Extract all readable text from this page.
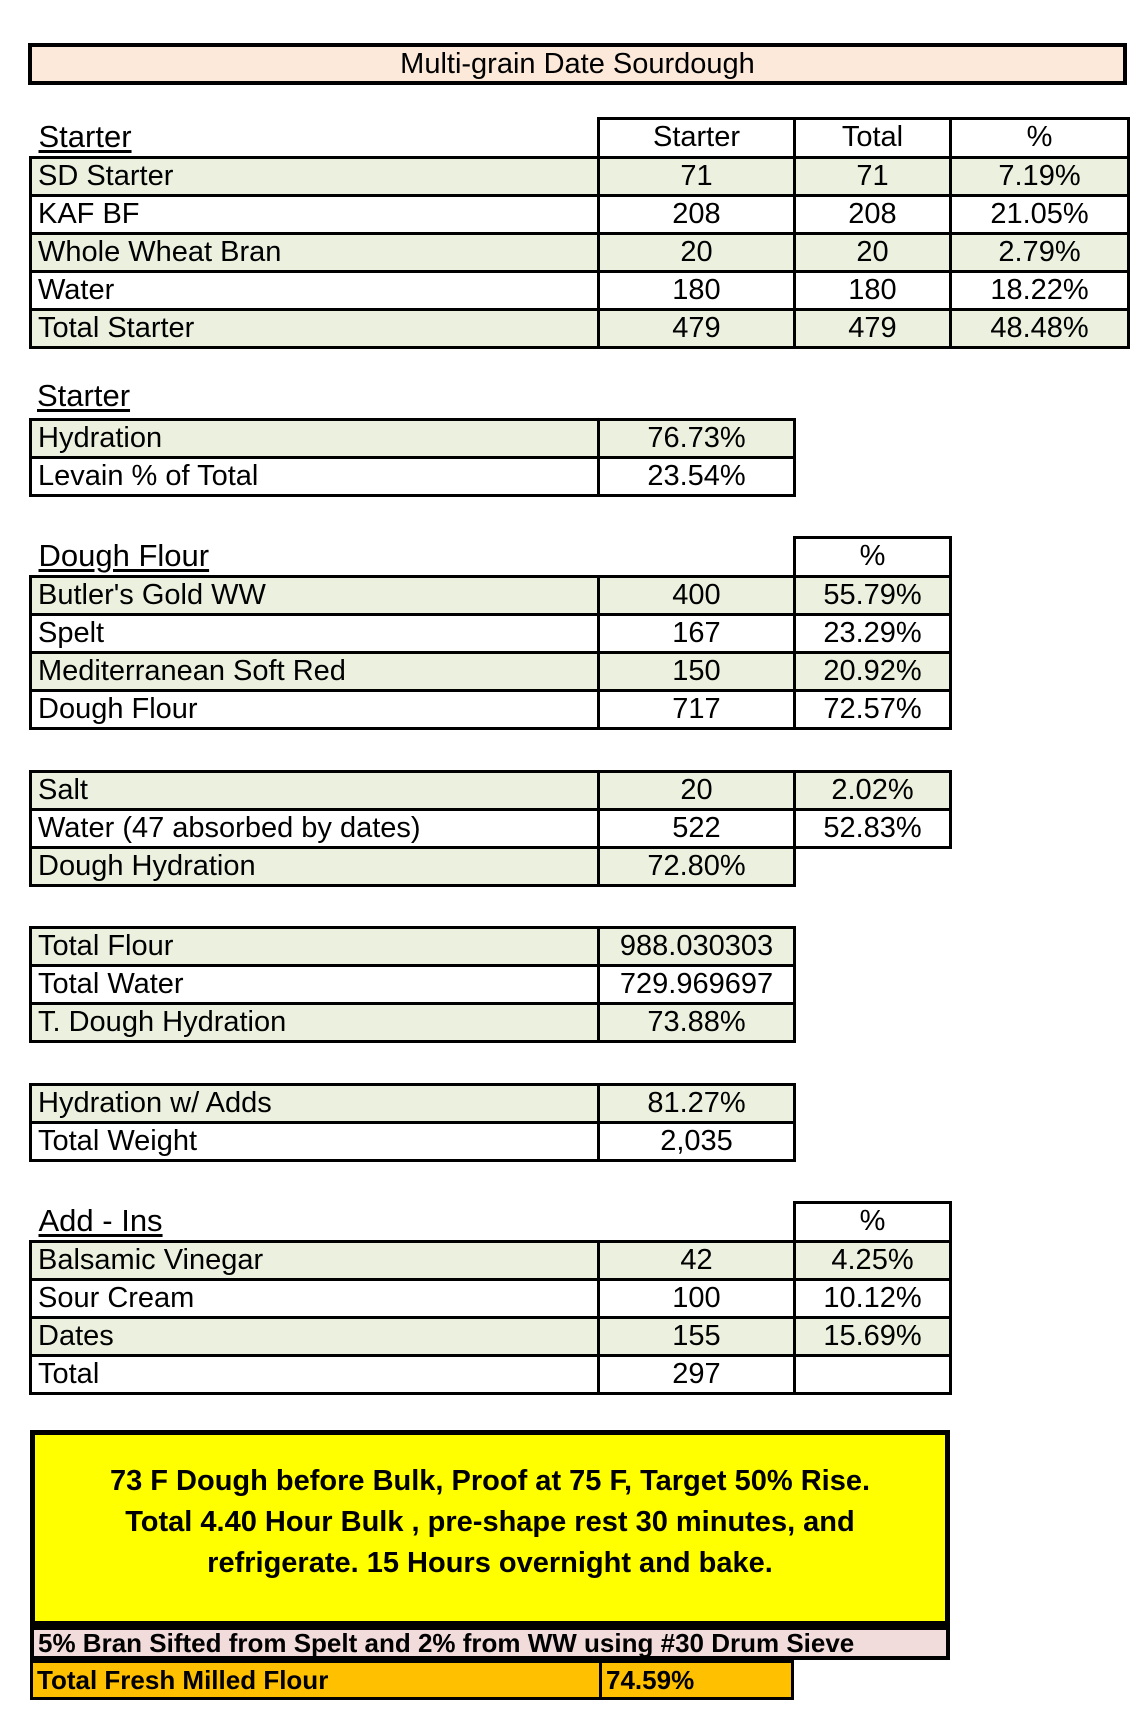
Multi-grain Date Sourdough
Starter	Starter	Total	%
SD Starter	71	71	7.19%
KAF BF	208	208	21.05%
Whole Wheat Bran	20	20	2.79%
Water	180	180	18.22%
Total Starter	479	479	48.48%
Starter
Hydration	76.73%
Levain % of Total	23.54%
Dough Flour		%
Butler's Gold WW	400	55.79%
Spelt	167	23.29%
Mediterranean Soft Red	150	20.92%
Dough Flour	717	72.57%
Salt	20	2.02%
Water (47 absorbed by dates)	522	52.83%
Dough Hydration	72.80%	
Total Flour	988.030303
Total Water	729.969697
T. Dough Hydration	73.88%
Hydration w/ Adds	81.27%
Total Weight	2,035
Add - Ins		%
Balsamic Vinegar	42	4.25%
Sour Cream	100	10.12%
Dates	155	15.69%
Total	297	
73 F Dough before Bulk, Proof at 75 F, Target 50% Rise.
Total 4.40 Hour Bulk , pre-shape rest 30 minutes, and
refrigerate. 15 Hours overnight and bake.
5% Bran Sifted from Spelt and 2% from WW using #30 Drum Sieve
Total Fresh Milled Flour	74.59%
